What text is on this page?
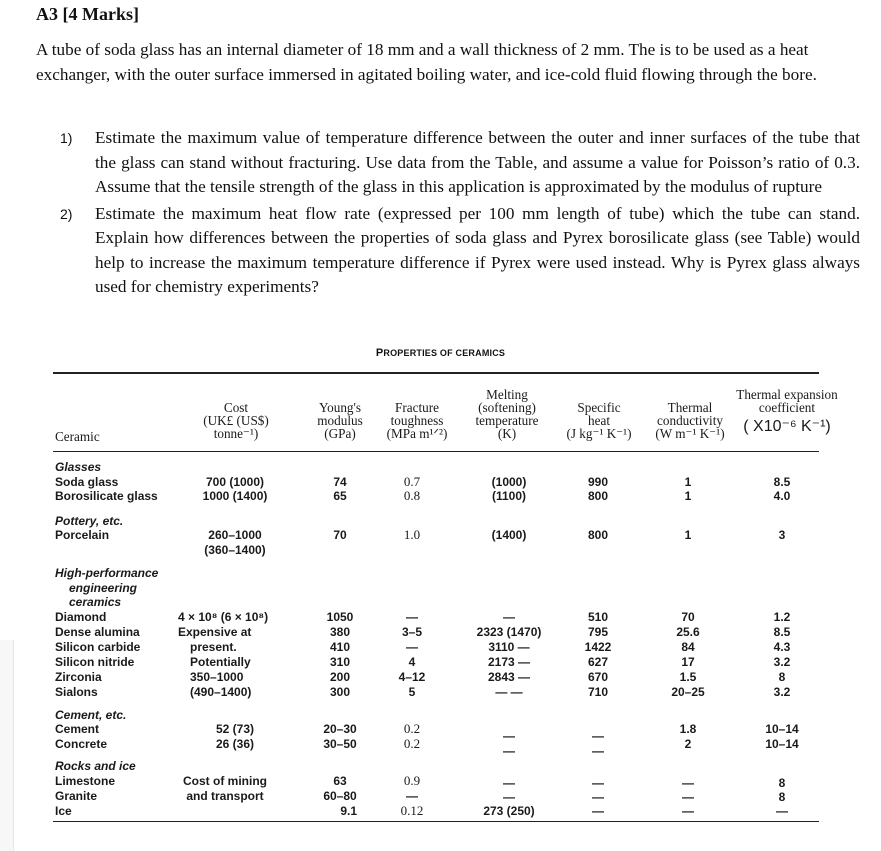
A3 [4 Marks]
A tube of soda glass has an internal diameter of 18 mm and a wall thickness of 2 mm. The is to be used as a heat exchanger, with the outer surface immersed in agitated boiling water, and ice-cold fluid flowing through the bore.
1) Estimate the maximum value of temperature difference between the outer and inner surfaces of the tube that the glass can stand without fracturing. Use data from the Table, and assume a value for Poisson’s ratio of 0.3. Assume that the tensile strength of the glass in this application is approximated by the modulus of rupture
2) Estimate the maximum heat flow rate (expressed per 100 mm length of tube) which the tube can stand. Explain how differences between the properties of soda glass and Pyrex borosilicate glass (see Table) would help to increase the maximum temperature difference if Pyrex were used instead. Why is Pyrex glass always used for chemistry experiments?
PROPERTIES OF CERAMICS
Ceramic
Cost
(UK£ (US$)
tonne⁻¹)
Young's
modulus
(GPa)
Fracture
toughness
(MPa m¹ᐟ²)
Melting
(softening)
temperature
(K)
Specific
heat
(J kg⁻¹ K⁻¹)
Thermal
conductivity
(W m⁻¹ K⁻¹)
Thermal expansion
coefficient
( X10⁻⁶ K⁻¹)
Glasses
Soda glass
Borosilicate glass
Pottery, etc.
Porcelain
High-performance
engineering
ceramics
Diamond
Dense alumina
Silicon carbide
Silicon nitride
Zirconia
Sialons
Cement, etc.
Cement
Concrete
Rocks and ice
Limestone
Granite
Ice
700 (1000)
1000 (1400)
260–1000
(360–1400)
4 × 10⁸ (6 × 10⁸)
Expensive at
present.
Potentially
350–1000
(490–1400)
52 (73)
26 (36)
Cost of mining
and transport
74
65
70
1050
380
410
310
200
300
20–30
30–50
63
60–80
9.1
0.7
0.8
1.0
—
3–5
—
4
4–12
5
0.2
0.2
0.9
—
0.12
(1000)
(1100)
(1400)
—
2323 (1470)
3110 —
2173 —
2843 —
— —
—
—
—
—
273 (250)
990
800
800
510
795
1422
627
670
710
—
—
—
—
—
1
1
1
70
25.6
84
17
1.5
20–25
1.8
2
—
—
—
8.5
4.0
3
1.2
8.5
4.3
3.2
8
3.2
10–14
10–14
8
8
—
